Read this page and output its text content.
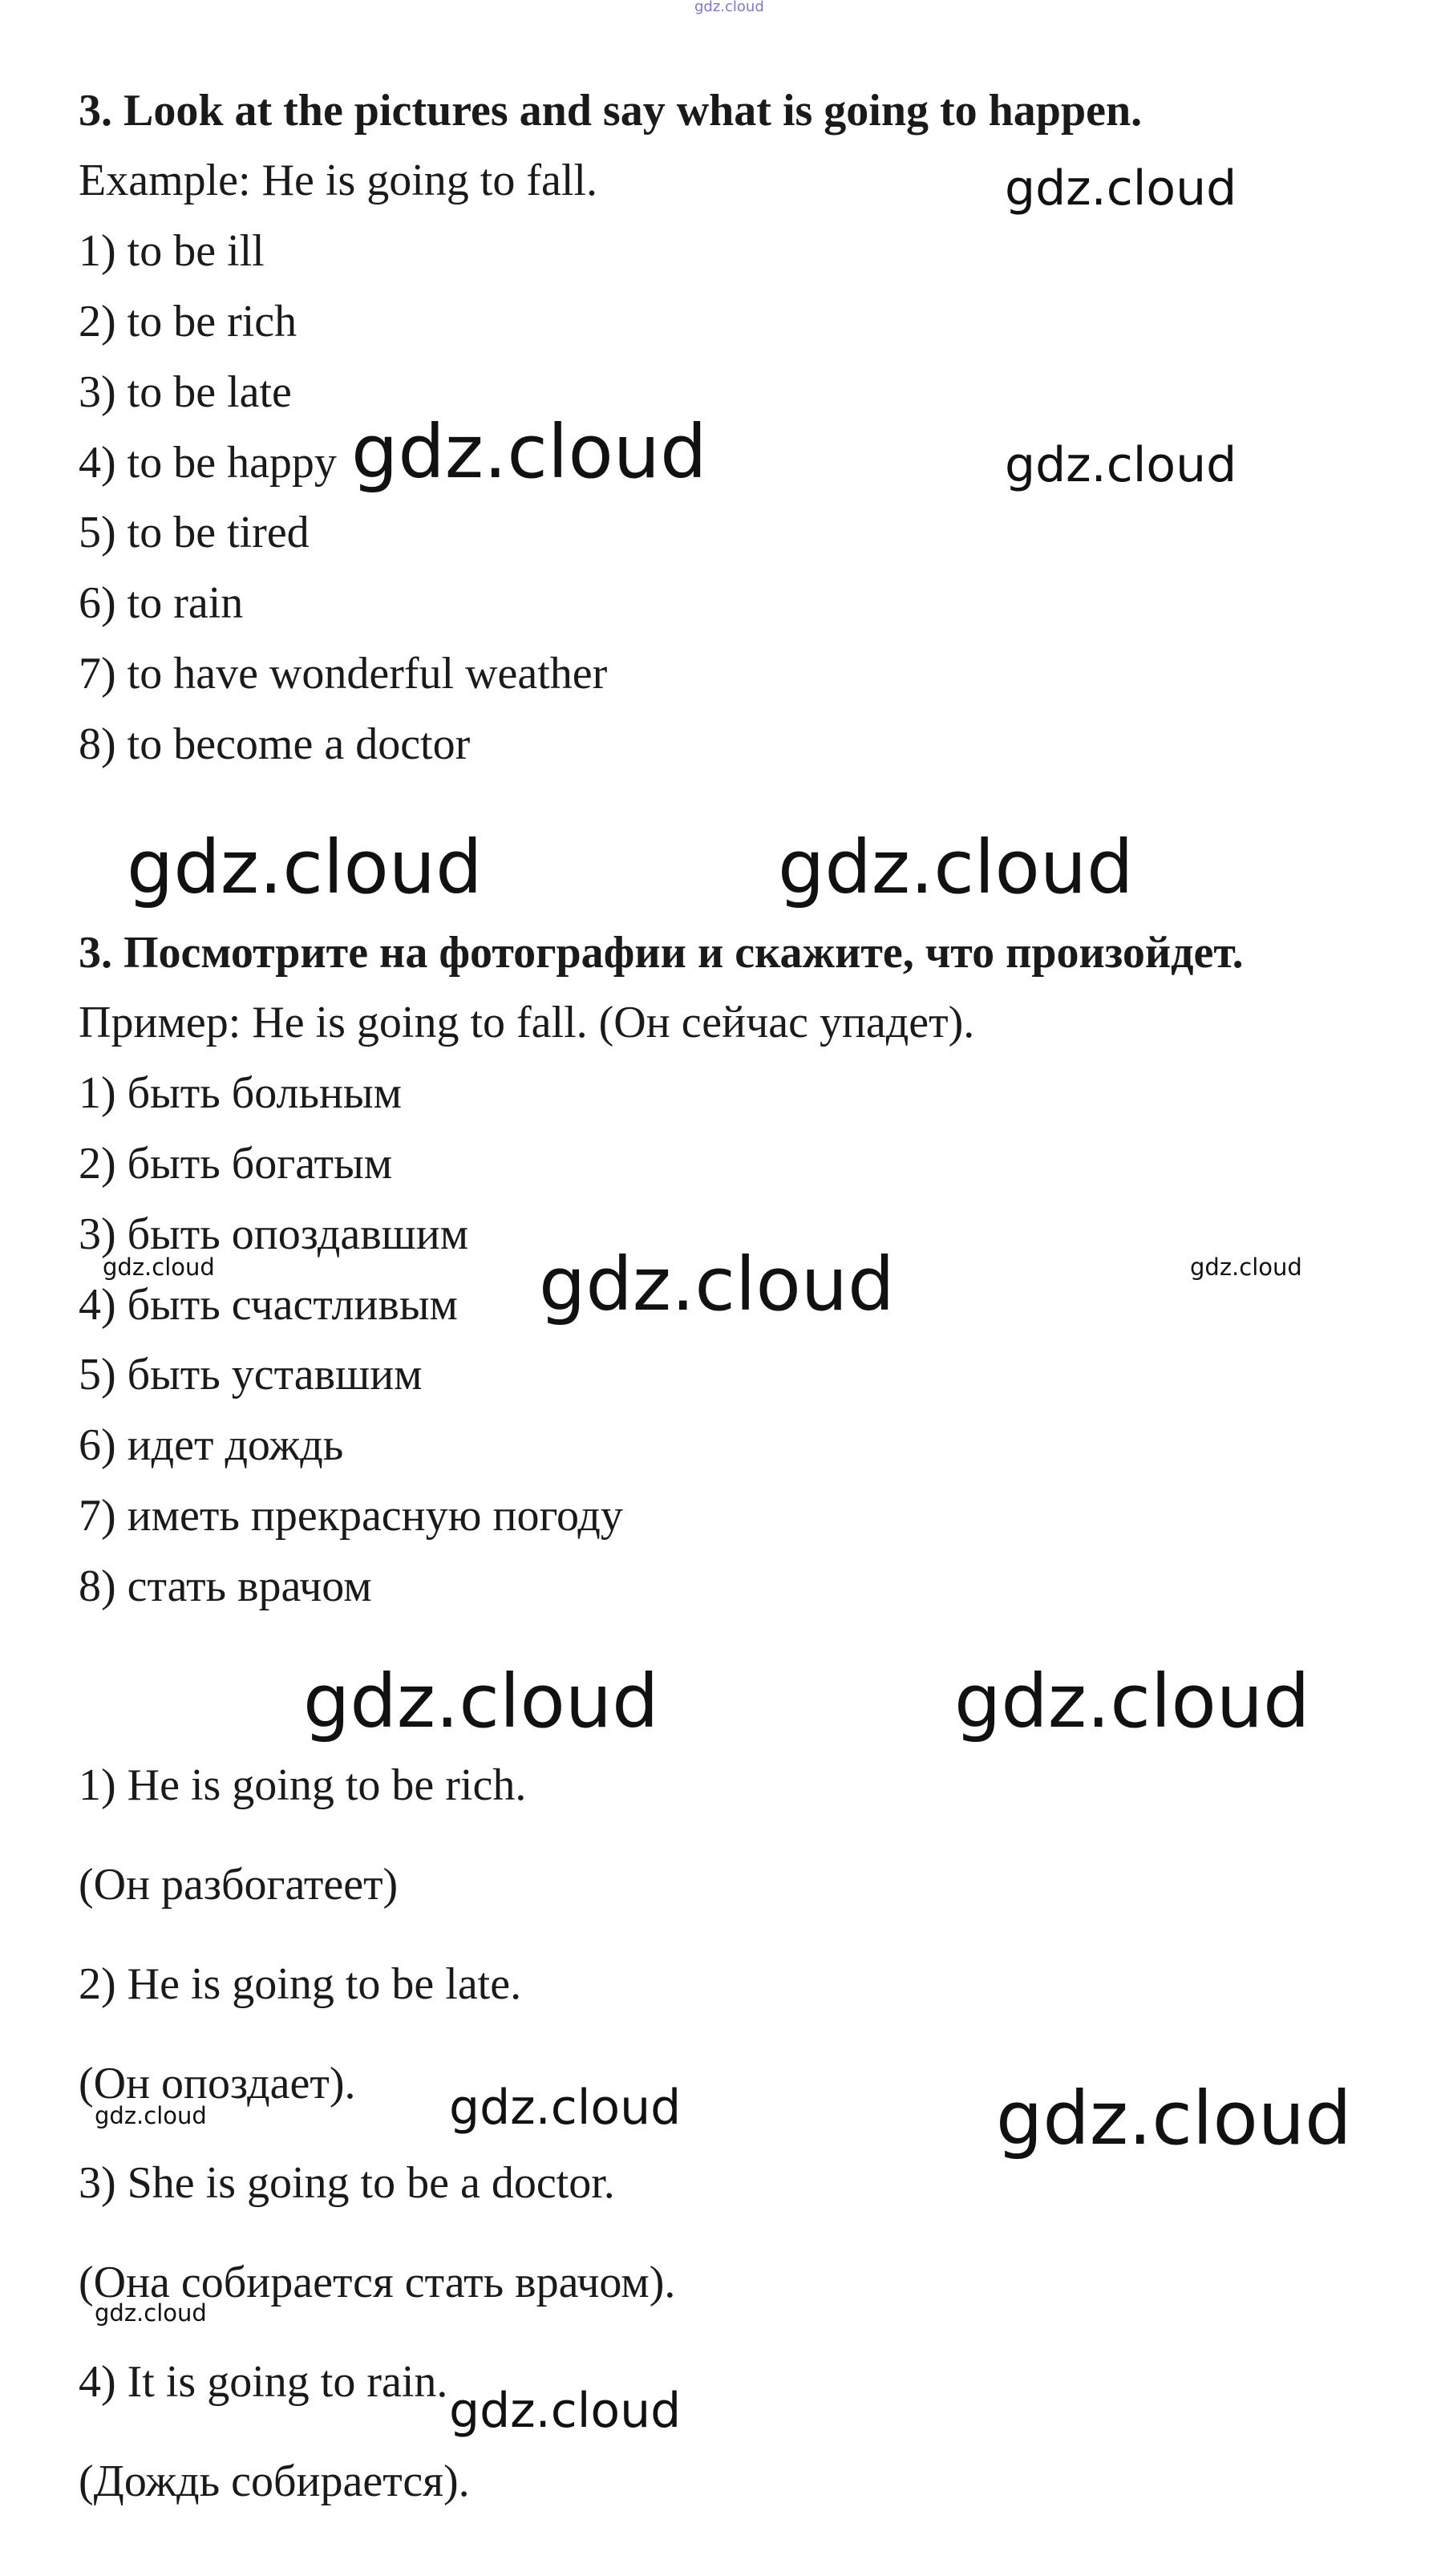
gdz.cloud
3. Look at the pictures and say what is going to happen.
Example: He is going to fall.
1) to be ill
2) to be rich
3) to be late
4) to be happy
5) to be tired
6) to rain
7) to have wonderful weather
8) to become a doctor
3. Посмотрите на фотографии и скажите, что произойдет.
Пример: He is going to fall. (Он сейчас упадет).
1) быть больным
2) быть богатым
3) быть опоздавшим
4) быть счастливым
5) быть уставшим
6) идет дождь
7) иметь прекрасную погоду
8) стать врачом
1) He is going to be rich.
(Он разбогатеет)
2) He is going to be late.
(Он опоздает).
3) She is going to be a doctor.
(Она собирается стать врачом).
4) It is going to rain.
(Дождь собирается).
gdz.cloud
gdz.cloud
gdz.cloud
gdz.cloud	gdz.cloud
gdz.cloud	gdz.cloud	gdz.cloud
gdz.cloud	gdz.cloud
gdz.cloud	gdz.cloud	gdz.cloud
gdz.cloud
gdz.cloud
